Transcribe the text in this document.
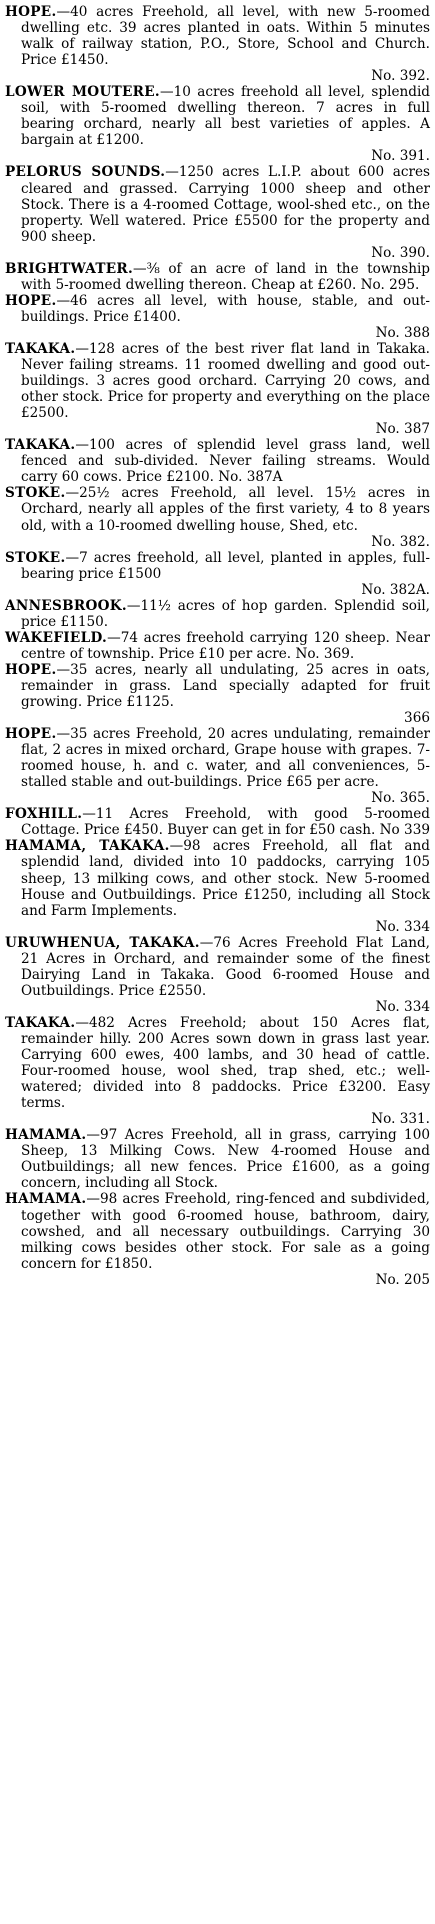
HOPE.—40 acres Freehold, all level, with new 5-roomed dwelling etc. 39 acres planted in oats. Within 5 minutes walk of railway station, P.O., Store, School and Church. Price £1450.
No. 392.

LOWER MOUTERE.—10 acres freehold all level, splendid soil, with 5-roomed dwelling thereon. 7 acres in full bearing orchard, nearly all best varieties of apples. A bargain at £1200.
No. 391.

PELORUS SOUNDS.—1250 acres L.I.P. about 600 acres cleared and grassed. Carrying 1000 sheep and other Stock. There is a 4-roomed Cottage, wool-shed etc., on the property. Well watered. Price £5500 for the property and 900 sheep.
No. 390.

BRIGHTWATER.—⅜ of an acre of land in the township with 5-roomed dwelling thereon. Cheap at £260. No. 295.

HOPE.—46 acres all level, with house, stable, and out-buildings. Price £1400.
No. 388

TAKAKA.—128 acres of the best river flat land in Takaka. Never failing streams. 11 roomed dwelling and good out-buildings. 3 acres good orchard. Carrying 20 cows, and other stock. Price for property and everything on the place £2500.
No. 387

TAKAKA.—100 acres of splendid level grass land, well fenced and sub-divided. Never failing streams. Would carry 60 cows. Price £2100. No. 387A

STOKE.—25½ acres Freehold, all level. 15½ acres in Orchard, nearly all apples of the first variety, 4 to 8 years old, with a 10-roomed dwelling house, Shed, etc.
No. 382.

STOKE.—7 acres freehold, all level, planted in apples, full-bearing price £1500
No. 382A.

ANNESBROOK.—11½ acres of hop garden. Splendid soil, price £1150.

WAKEFIELD.—74 acres freehold carrying 120 sheep. Near centre of township. Price £10 per acre. No. 369.

HOPE.—35 acres, nearly all undulating, 25 acres in oats, remainder in grass. Land specially adapted for fruit growing. Price £1125.
366

HOPE.—35 acres Freehold, 20 acres undulating, remainder flat, 2 acres in mixed orchard, Grape house with grapes. 7-roomed house, h. and c. water, and all conveniences, 5-stalled stable and out-buildings. Price £65 per acre.
No. 365.

FOXHILL.—11 Acres Freehold, with good 5-roomed Cottage. Price £450. Buyer can get in for £50 cash. No 339

HAMAMA, TAKAKA.—98 acres Freehold, all flat and splendid land, divided into 10 paddocks, carrying 105 sheep, 13 milking cows, and other stock. New 5-roomed House and Outbuildings. Price £1250, including all Stock and Farm Implements.
No. 334

URUWHENUA, TAKAKA.—76 Acres Freehold Flat Land, 21 Acres in Orchard, and remainder some of the finest Dairying Land in Takaka. Good 6-roomed House and Outbuildings. Price £2550.
No. 334

TAKAKA.—482 Acres Freehold; about 150 Acres flat, remainder hilly. 200 Acres sown down in grass last year. Carrying 600 ewes, 400 lambs, and 30 head of cattle. Four-roomed house, wool shed, trap shed, etc.; well-watered; divided into 8 paddocks. Price £3200. Easy terms.
No. 331.

HAMAMA.—97 Acres Freehold, all in grass, carrying 100 Sheep, 13 Milking Cows. New 4-roomed House and Outbuildings; all new fences. Price £1600, as a going concern, including all Stock.

HAMAMA.—98 acres Freehold, ring-fenced and subdivided, together with good 6-roomed house, bathroom, dairy, cowshed, and all necessary outbuildings. Carrying 30 milking cows besides other stock. For sale as a going concern for £1850.
No. 205
